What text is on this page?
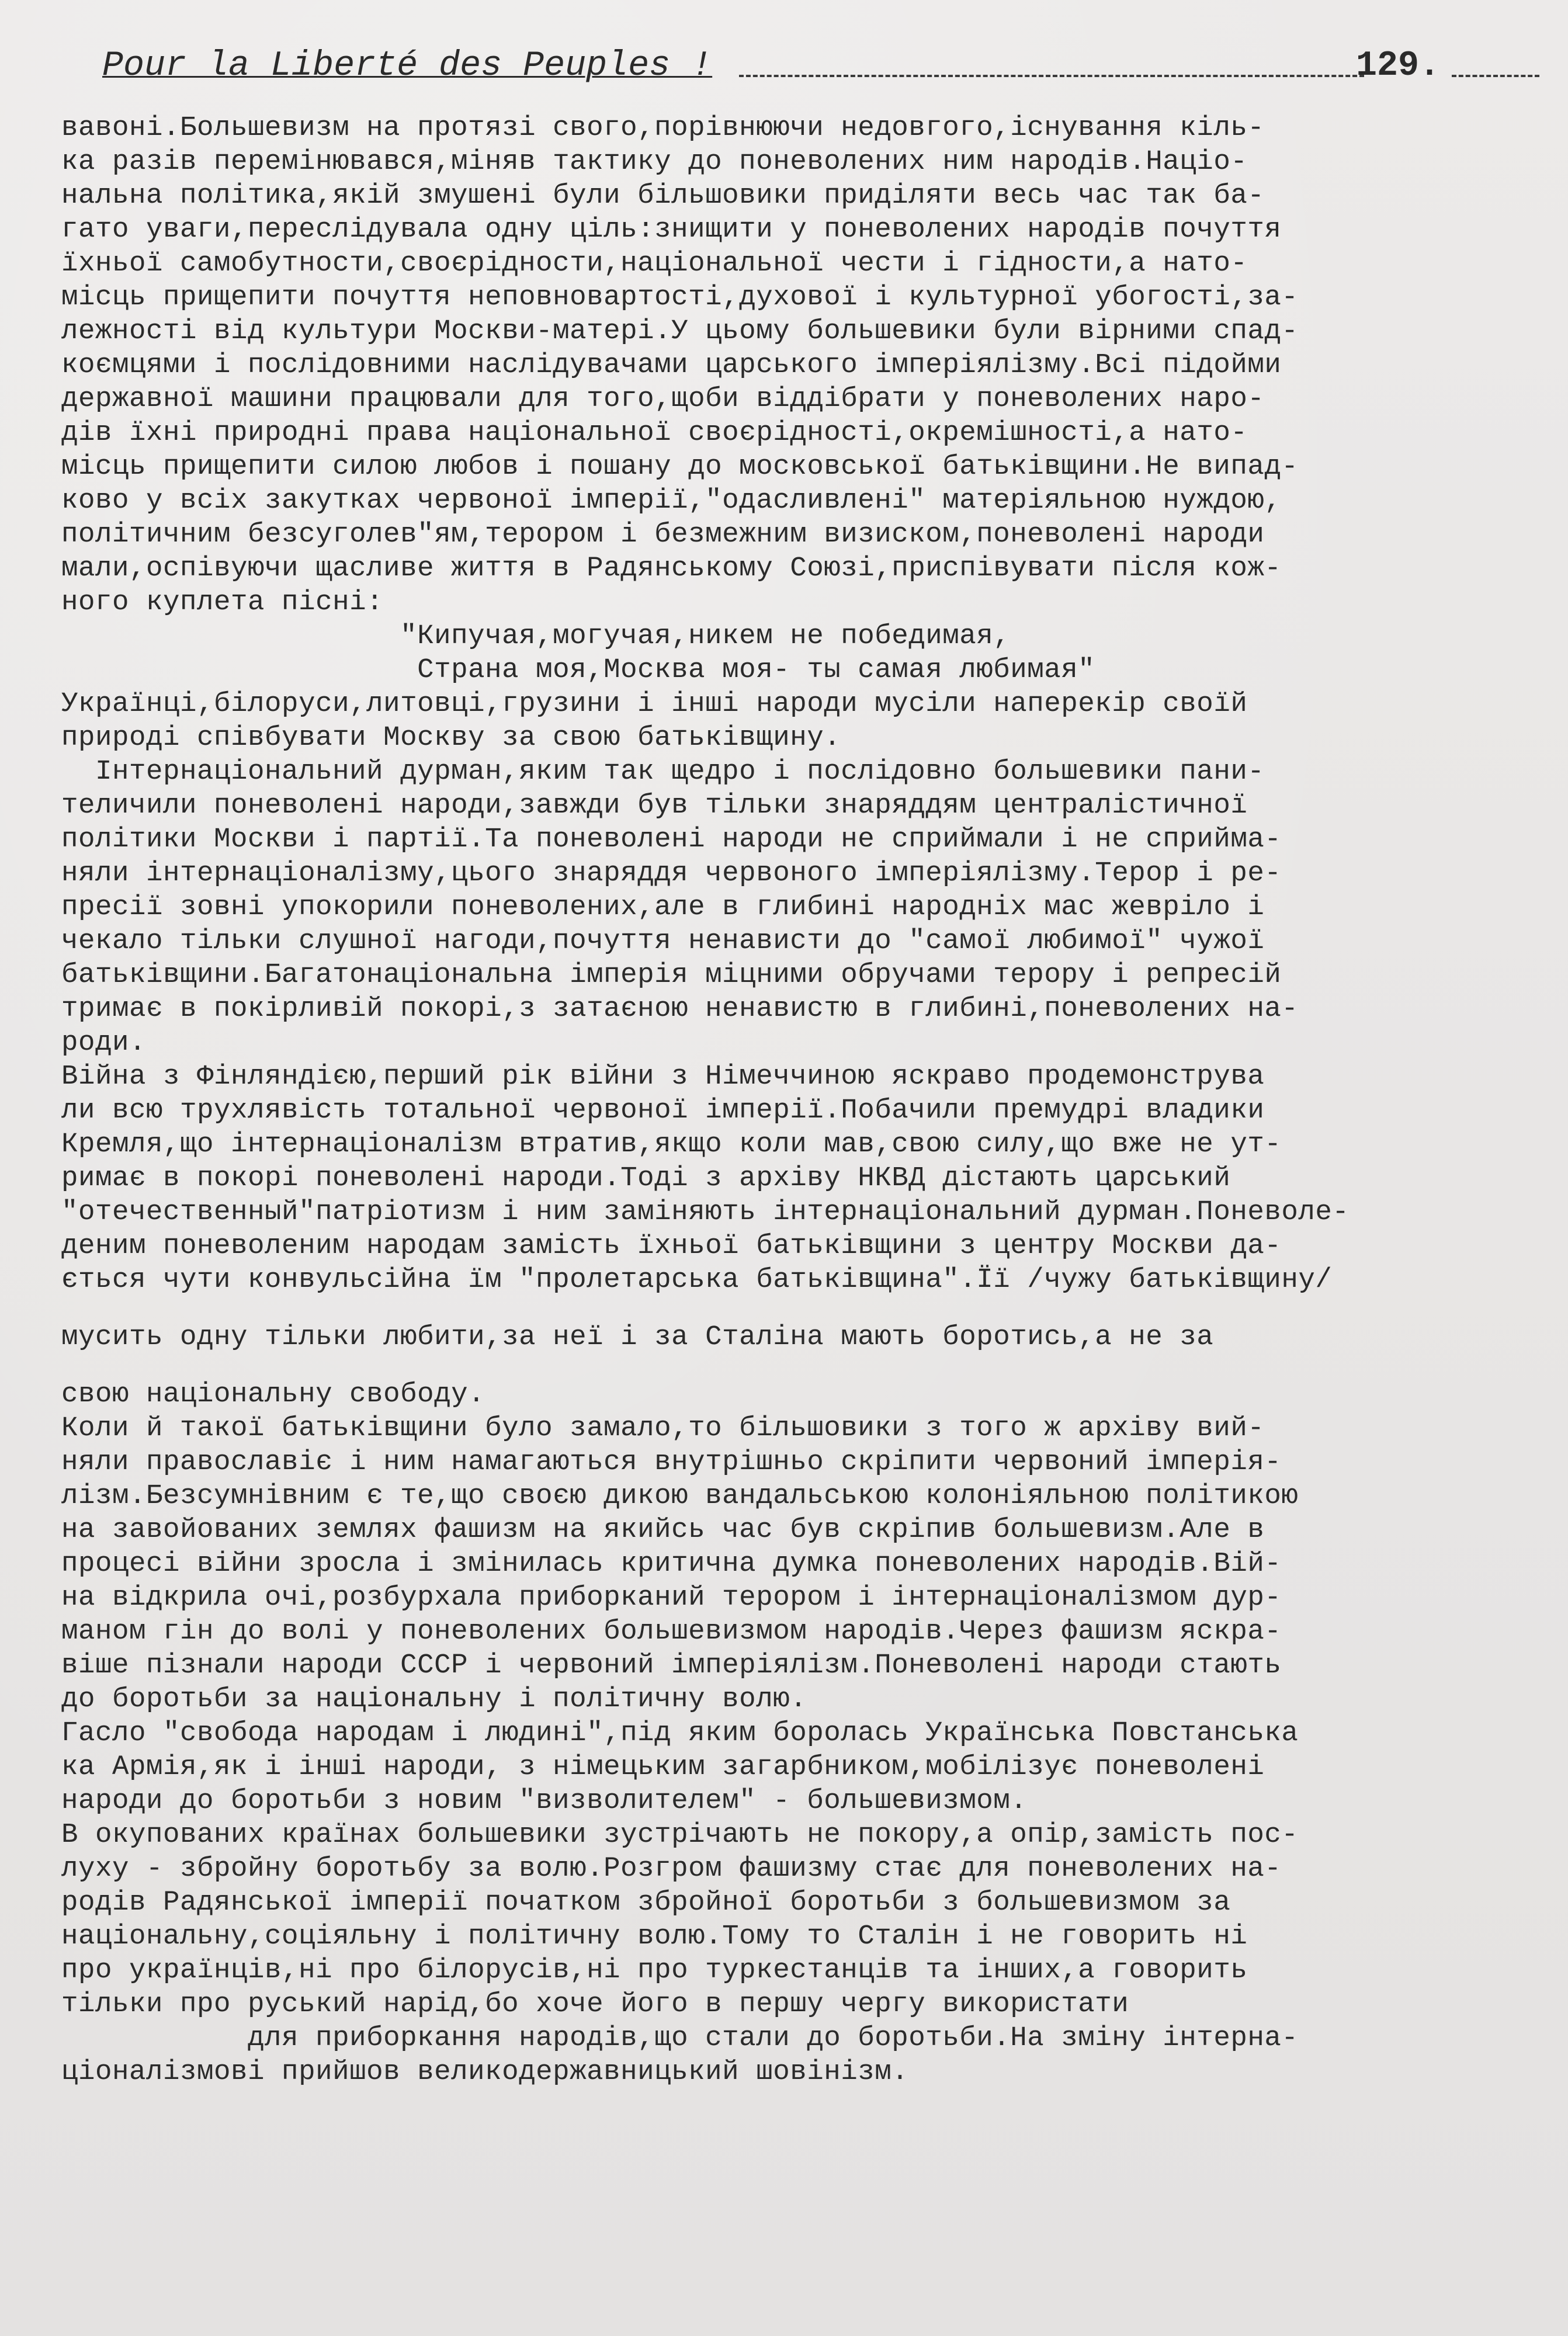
Pour la Liberté des Peuples !	129.
вавоні.Большевизм на протязі свого,порівнюючи недовгого,існування кіль-
ка разів перемінювався,міняв тактику до поневолених ним народів.Націо-
нальна політика,якій змушені були більшовики приділяти весь час так ба-
гато уваги,переслідувала одну ціль:знищити у поневолених народів почуття
їхньої самобутности,своєрідности,національної чести і гідности,а нато-
місць прищепити почуття неповновартості,духової і культурної убогості,за-
лежності від культури Москви-матері.У цьому большевики були вірними спад-
коємцями і послідовними наслідувачами царського імперіялізму.Всі підойми
державної машини працювали для того,щоби віддібрати у поневолених наро-
дів їхні природні права національної своєрідності,окремішності,а нато-
місць прищепити силою любов і пошану до московської батьківщини.Не випад-
ково у всіх закутках червоної імперії,"одасливлені" матеріяльною нуждою,
політичним безсуголев"ям,терором і безмежним визиском,поневолені народи
мали,оспівуючи щасливе життя в Радянському Союзі,приспівувати після кож-
ного куплета пісні:
"Кипучая,могучая,никем не победимая,
Страна моя,Москва моя- ты самая любимая"
Українці,білоруси,литовці,грузини і інші народи мусіли наперекір своїй
природі співбувати Москву за свою батьківщину.
Інтернаціональний дурман,яким так щедро і послідовно большевики пани-
теличили поневолені народи,завжди був тільки знаряддям централістичної
політики Москви і партії.Та поневолені народи не сприймали і не сприйма-
няли інтернаціоналізму,цього знаряддя червоного імперіялізму.Терор і ре-
пресії зовні упокорили поневолених,але в глибині народніх мас жевріло і
чекало тільки слушної нагоди,почуття ненависти до "самої любимої" чужої
батьківщини.Багатонаціональна імперія міцними обручами терору і репресій
тримає в покірливій покорі,з затаєною ненавистю в глибині,поневолених на-
роди.
Війна з Фінляндією,перший рік війни з Німеччиною яскраво продемонструва
ли всю трухлявість тотальної червоної імперії.Побачили премудрі владики
Кремля,що інтернаціоналізм втратив,якщо коли мав,свою силу,що вже не ут-
римає в покорі поневолені народи.Тоді з архіву НКВД дістають царський
"отечественный"патріотизм і ним заміняють інтернаціональний дурман.Поневоле-
деним поневоленим народам замість їхньої батьківщини з центру Москви да-
ється чути конвульсійна їм "пролетарська батьківщина".Її /чужу батьківщину/
мусить одну тільки любити,за неї і за Сталіна мають боротись,а не за
свою національну свободу.
Коли й такої батьківщини було замало,то більшовики з того ж архіву вий-
няли православіє і ним намагаються внутрішньо скріпити червоний імперія-
лізм.Безсумнівним є те,що своєю дикою вандальською колоніяльною політикою
на завойованих землях фашизм на якийсь час був скріпив большевизм.Але в
процесі війни зросла і змінилась критична думка поневолених народів.Вій-
на відкрила очі,розбурхала приборканий терором і інтернаціоналізмом дур-
маном гін до волі у поневолених большевизмом народів.Через фашизм яскра-
віше пізнали народи СССР і червоний імперіялізм.Поневолені народи стають
до боротьби за національну і політичну волю.
Гасло "свобода народам і людині",під яким боролась Українська Повстанська
ка Армія,як і інші народи, з німецьким загарбником,мобілізує поневолені
народи до боротьби з новим "визволителем" - большевизмом.
В окупованих країнах большевики зустрічають не покору,а опір,замість пос-
луху - збройну боротьбу за волю.Розгром фашизму стає для поневолених на-
родів Радянської імперії початком збройної боротьби з большевизмом за
національну,соціяльну і політичну волю.Тому то Сталін і не говорить ні
про українців,ні про білорусів,ні про туркестанців та інших,а говорить
тільки про руський нарід,бо хоче його в першу чергу використати
для приборкання народів,що стали до боротьби.На зміну інтерна-
ціоналізмові прийшов великодержавницький шовінізм.
